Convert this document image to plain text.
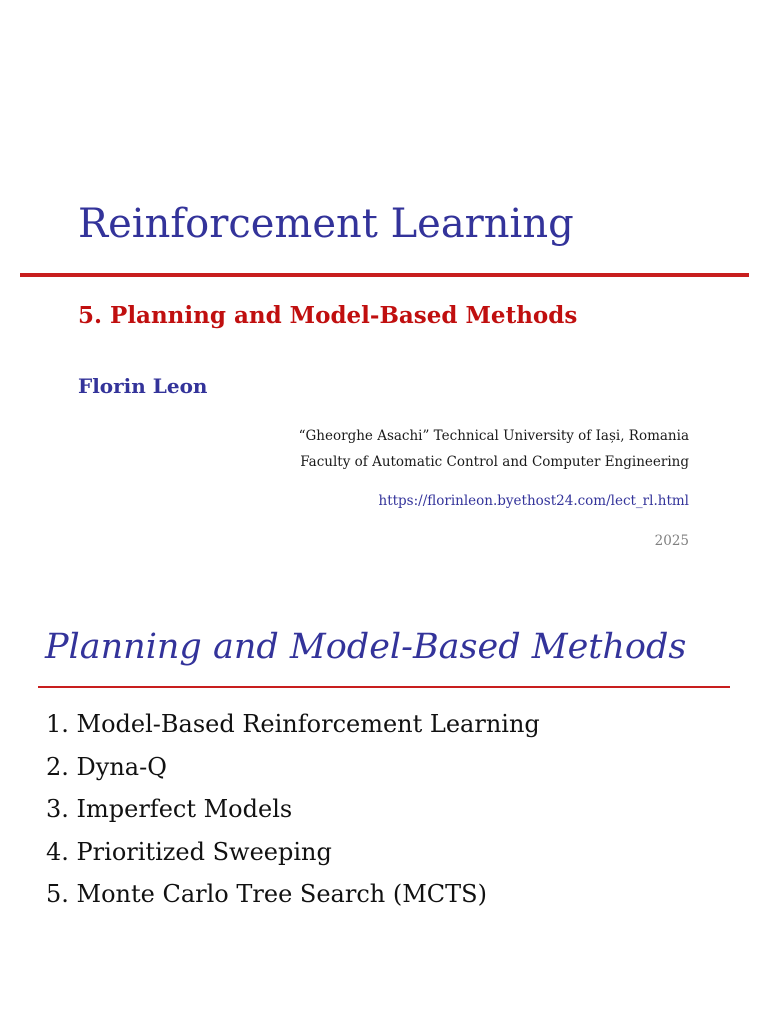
Reinforcement Learning
5. Planning and Model-Based Methods

Florin Leon

“Gheorghe Asachi” Technical University of Iași, Romania

Faculty of Automatic Control and Computer Engineering

https://florinleon.byethost24.com/lect_rl.html

2025

Planning and Model-Based Methods
1. Model-Based Reinforcement Learning
2. Dyna-Q
3. Imperfect Models
4. Prioritized Sweeping
5. Monte Carlo Tree Search (MCTS)
